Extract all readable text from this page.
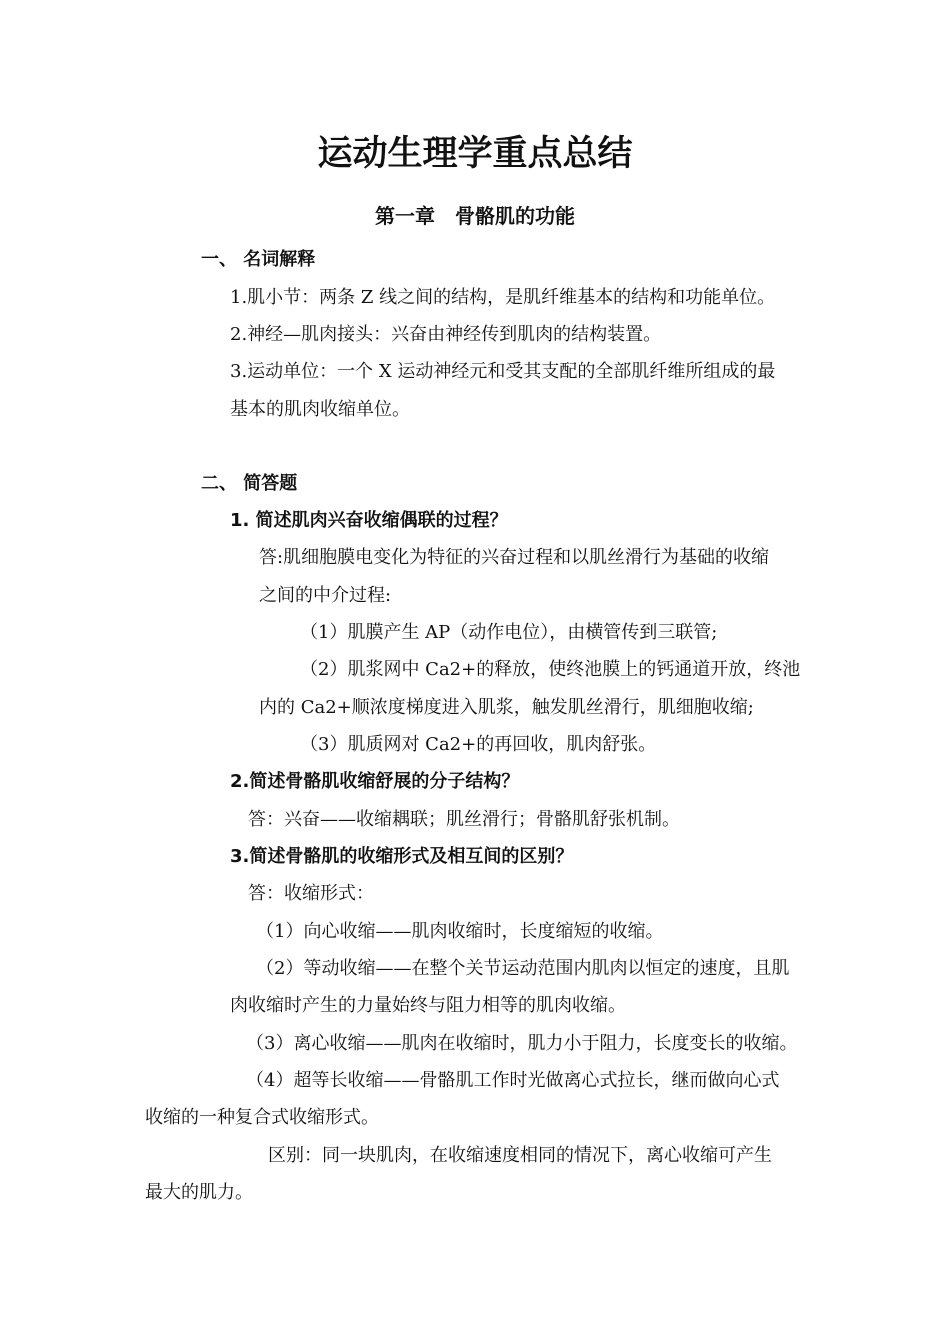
运动生理学重点总结
第一章　骨骼肌的功能
一、 名词解释
1.肌小节：两条 Z 线之间的结构，是肌纤维基本的结构和功能单位。
2.神经—肌肉接头：兴奋由神经传到肌肉的结构装置。
3.运动单位：一个 X 运动神经元和受其支配的全部肌纤维所组成的最
基本的肌肉收缩单位。
二、 简答题
1. 简述肌肉兴奋收缩偶联的过程？
答:肌细胞膜电变化为特征的兴奋过程和以肌丝滑行为基础的收缩
之间的中介过程:
（1）肌膜产生 AP（动作电位），由横管传到三联管;
（2）肌浆网中 Ca2+的释放，使终池膜上的钙通道开放，终池
内的 Ca2+顺浓度梯度进入肌浆，触发肌丝滑行，肌细胞收缩;
（3）肌质网对 Ca2+的再回收，肌肉舒张。
2.简述骨骼肌收缩舒展的分子结构？
答：兴奋——收缩耦联；肌丝滑行；骨骼肌舒张机制。
3.简述骨骼肌的收缩形式及相互间的区别？
答：收缩形式：
（1）向心收缩——肌肉收缩时，长度缩短的收缩。
（2）等动收缩——在整个关节运动范围内肌肉以恒定的速度，且肌
肉收缩时产生的力量始终与阻力相等的肌肉收缩。
（3）离心收缩——肌肉在收缩时，肌力小于阻力，长度变长的收缩。
（4）超等长收缩——骨骼肌工作时光做离心式拉长，继而做向心式
收缩的一种复合式收缩形式。
区别：同一块肌肉，在收缩速度相同的情况下，离心收缩可产生
最大的肌力。
